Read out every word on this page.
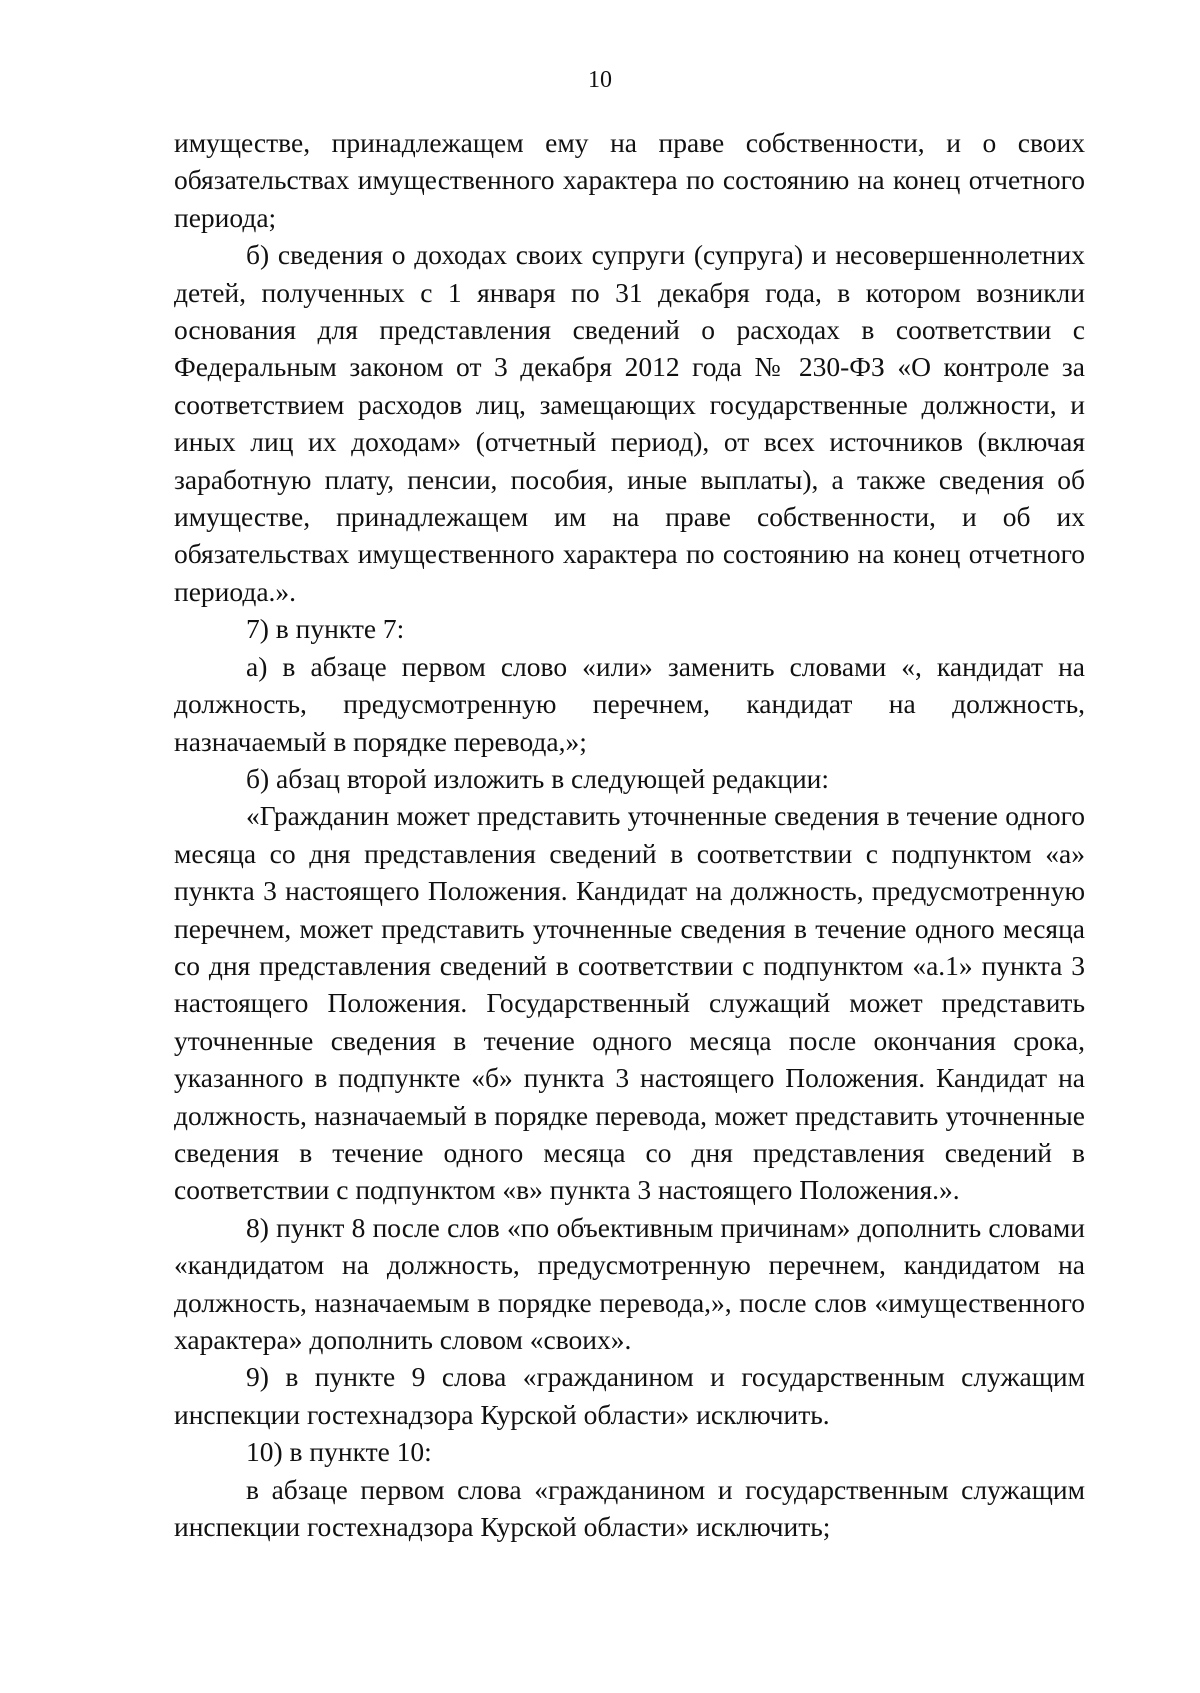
10

имуществе, принадлежащем ему на праве собственности, и о своих обязательствах имущественного характера по состоянию на конец отчетного периода;

б) сведения о доходах своих супруги (супруга) и несовершеннолетних детей, полученных с 1 января по 31 декабря года, в котором возникли основания для представления сведений о расходах в соответствии с Федеральным законом от 3 декабря 2012 года № 230-ФЗ «О контроле за соответствием расходов лиц, замещающих государственные должности, и иных лиц их доходам» (отчетный период), от всех источников (включая заработную плату, пенсии, пособия, иные выплаты), а также сведения об имуществе, принадлежащем им на праве собственности, и об их обязательствах имущественного характера по состоянию на конец отчетного периода.».

7) в пункте 7:

а) в абзаце первом слово «или» заменить словами «, кандидат на должность, предусмотренную перечнем, кандидат на должность, назначаемый в порядке перевода,»;

б) абзац второй изложить в следующей редакции:

«Гражданин может представить уточненные сведения в течение одного месяца со дня представления сведений в соответствии с подпунктом «а» пункта 3 настоящего Положения. Кандидат на должность, предусмотренную перечнем, может представить уточненные сведения в течение одного месяца со дня представления сведений в соответствии с подпунктом «а.1» пункта 3 настоящего Положения. Государственный служащий может представить уточненные сведения в течение одного месяца после окончания срока, указанного в подпункте «б» пункта 3 настоящего Положения. Кандидат на должность, назначаемый в порядке перевода, может представить уточненные сведения в течение одного месяца со дня представления сведений в соответствии с подпунктом «в» пункта 3 настоящего Положения.».

8) пункт 8 после слов «по объективным причинам» дополнить словами «кандидатом на должность, предусмотренную перечнем, кандидатом на должность, назначаемым в порядке перевода,», после слов «имущественного характера» дополнить словом «своих».

9) в пункте 9 слова «гражданином и государственным служащим инспекции гостехнадзора Курской области» исключить.

10) в пункте 10:

в абзаце первом слова «гражданином и государственным служащим инспекции гостехнадзора Курской области» исключить;
